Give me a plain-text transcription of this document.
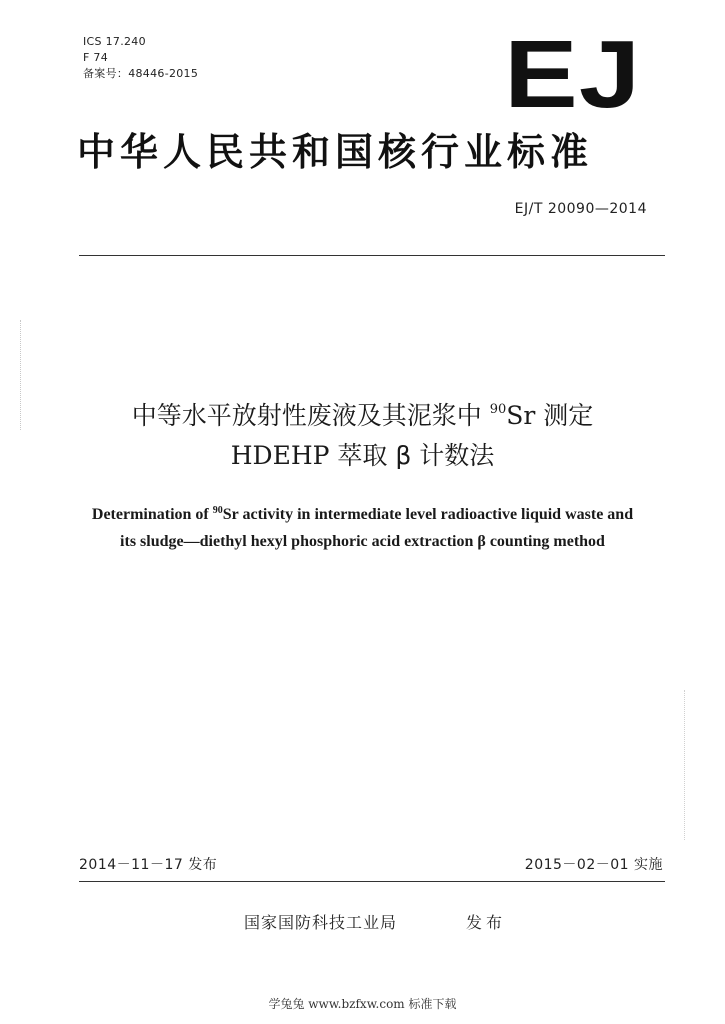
ICS 17.240
F 74
备案号：48446-2015	EJ
中华人民共和国核行业标准
EJ/T 20090—2014
中等水平放射性废液及其泥浆中 $^{90}$Sr 测定
HDEHP 萃取 β 计数法
Determination of $^{90}$Sr activity in intermediate level radioactive liquid waste and
its sludge—diethyl hexyl phosphoric acid extraction β counting method
2014－11－17 发布	2015－02－01 实施
国家国防科技工业局	发布
学兔兔 www.bzfxw.com 标准下载
